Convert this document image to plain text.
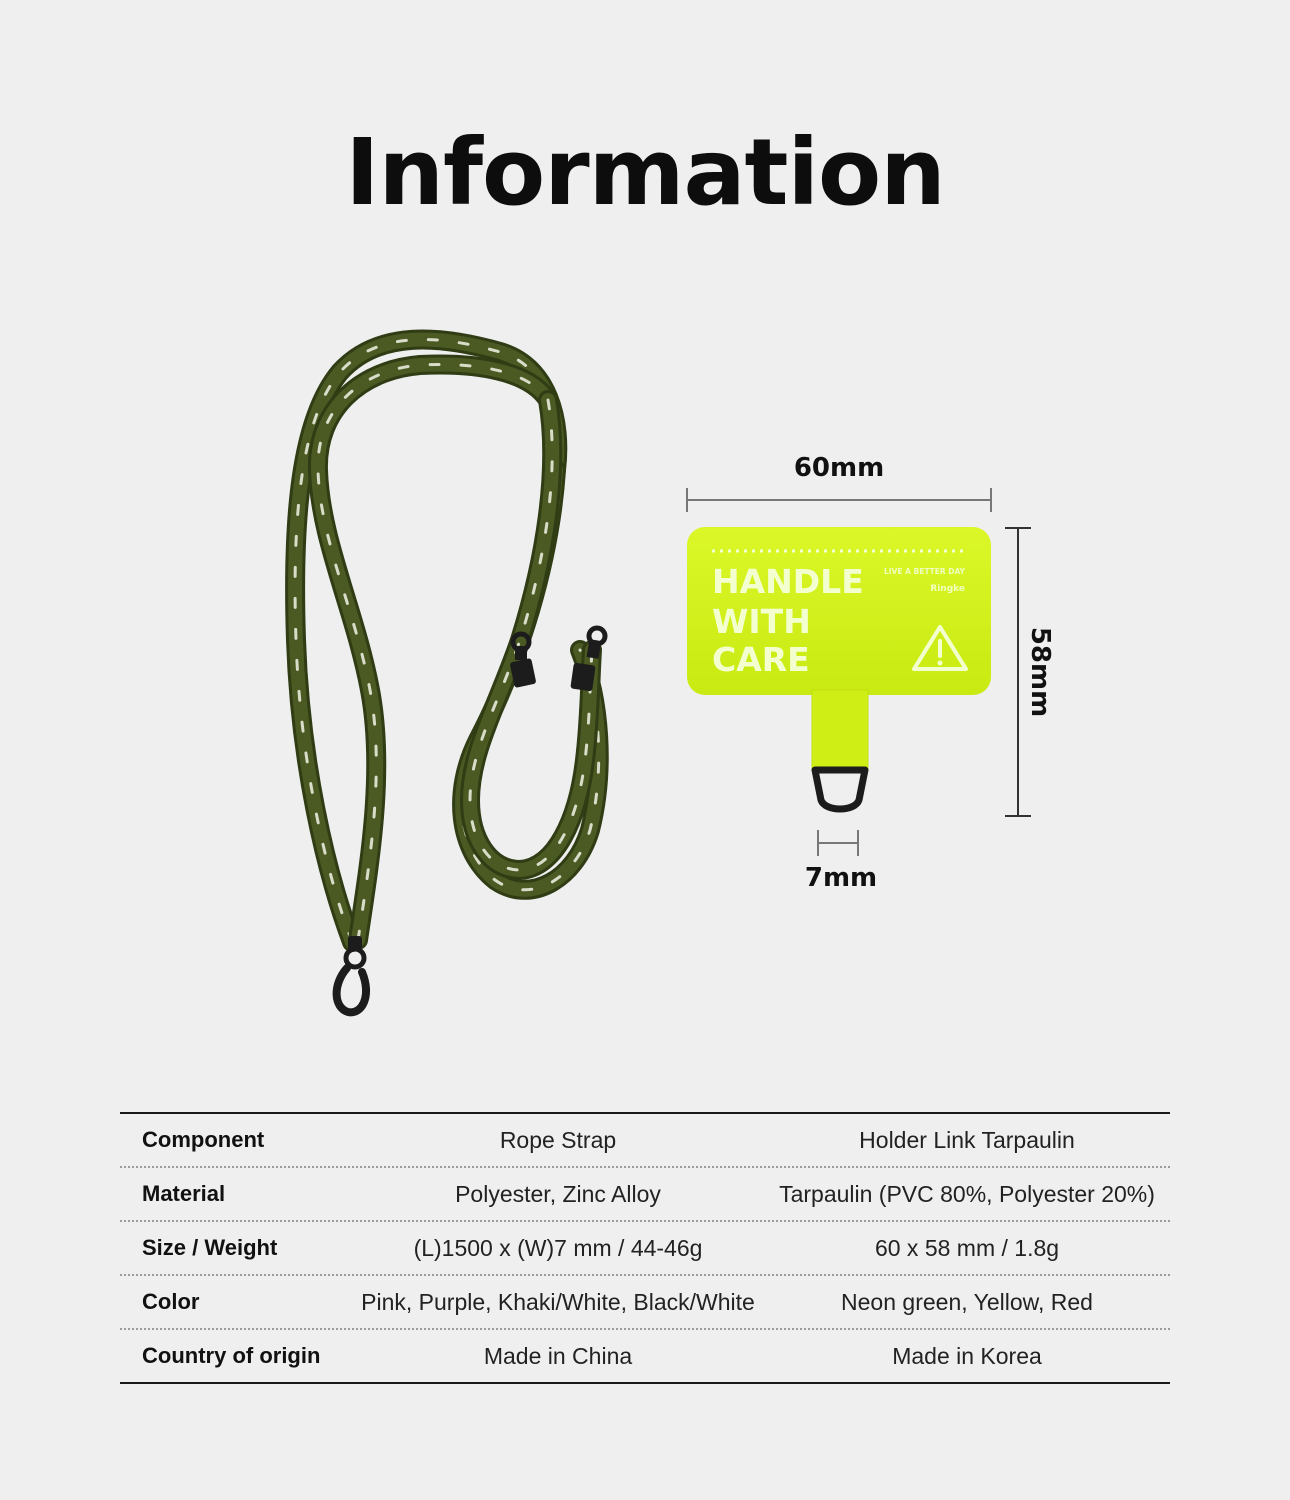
Information
60mm
58mm
HANDLE
WITH
CARE
LIVE A BETTER DAY
Ringke
7mm
Component	Rope Strap	Holder Link Tarpaulin
Material	Polyester, Zinc Alloy	Tarpaulin (PVC 80%, Polyester 20%)
Size / Weight	(L)1500 x (W)7 mm / 44-46g	60 x 58 mm / 1.8g
Color	Pink, Purple, Khaki/White, Black/White	Neon green, Yellow, Red
Country of origin	Made in China	Made in Korea
